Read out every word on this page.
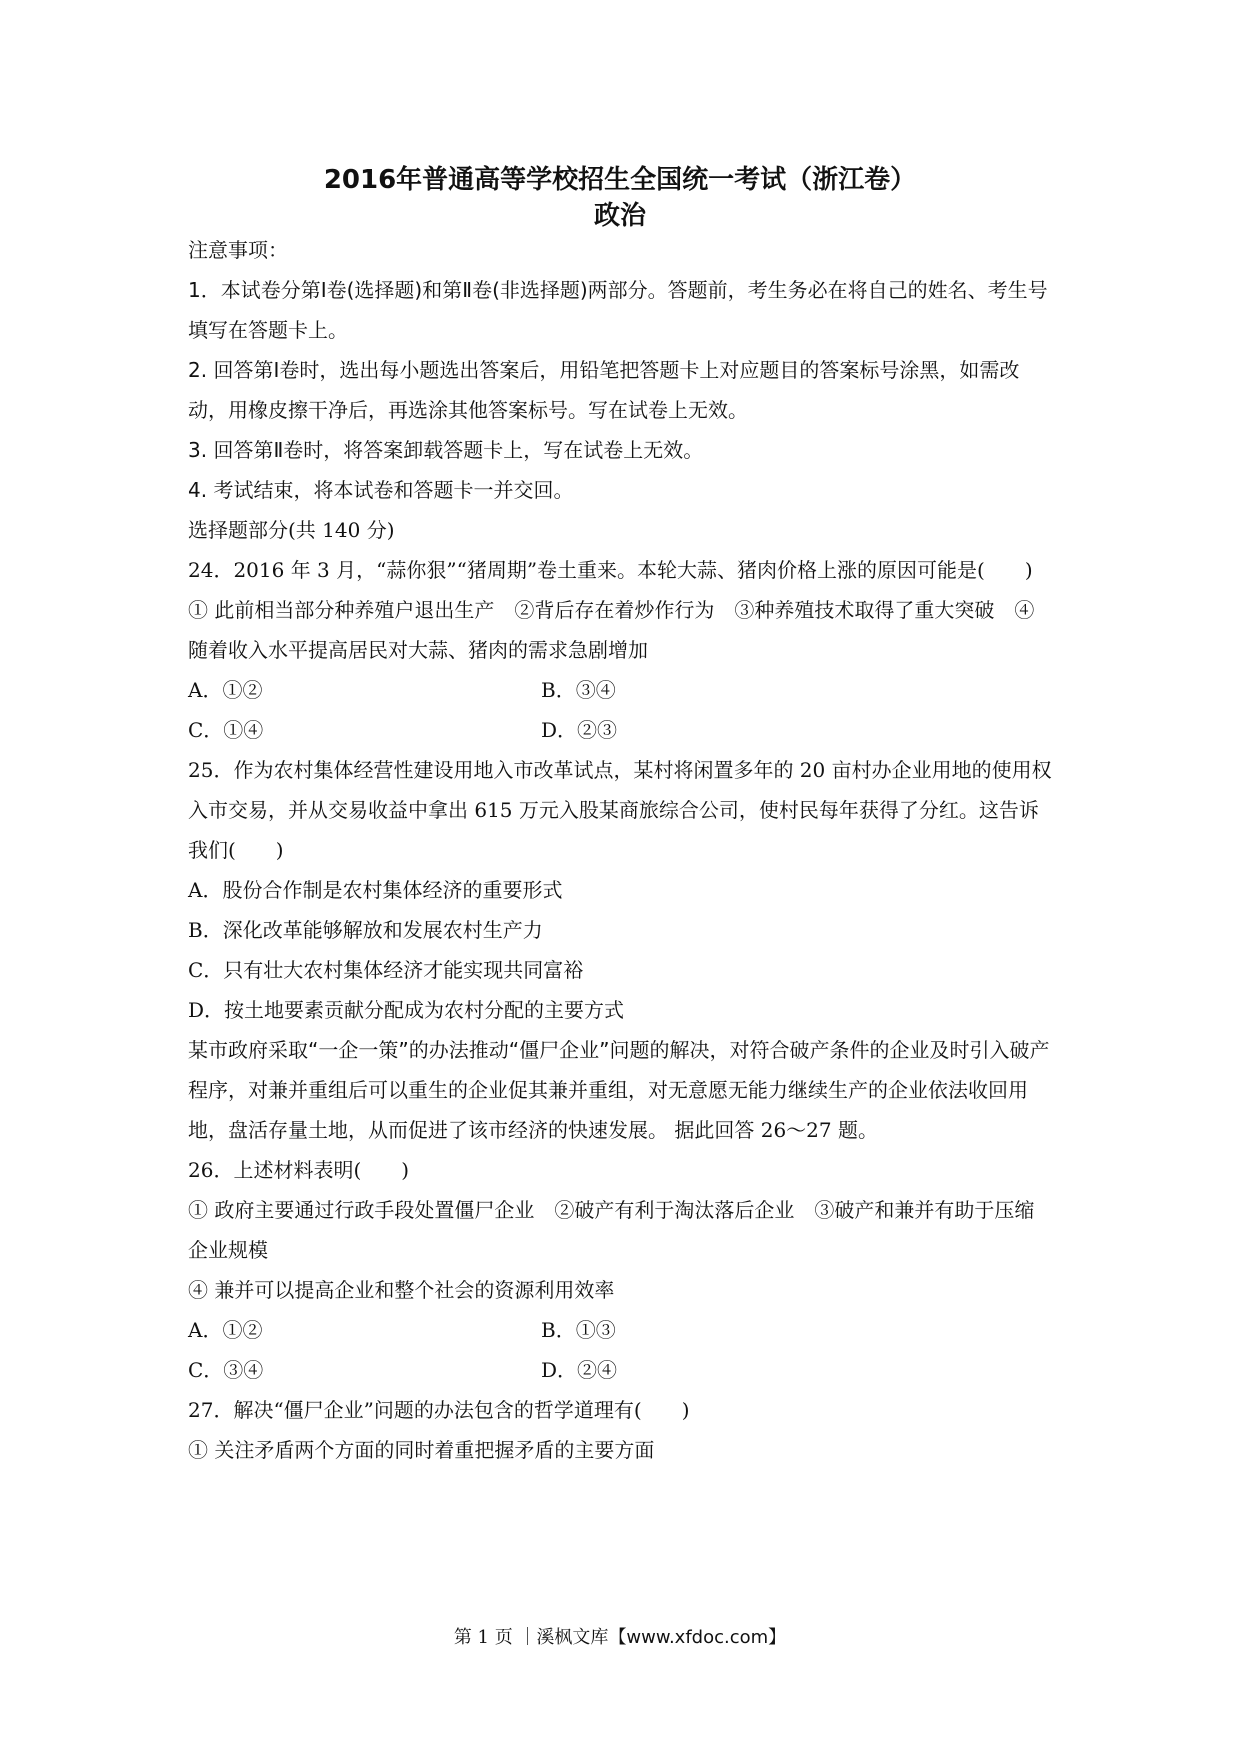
2016年普通高等学校招生全国统一考试（浙江卷）
政治

注意事项：

1．本试卷分第Ⅰ卷(选择题)和第Ⅱ卷(非选择题)两部分。答题前，考生务必在将自己的姓名、考生号填写在答题卡上。

2. 回答第Ⅰ卷时，选出每小题选出答案后，用铅笔把答题卡上对应题目的答案标号涂黑，如需改动，用橡皮擦干净后，再选涂其他答案标号。写在试卷上无效。

3. 回答第Ⅱ卷时，将答案卸载答题卡上，写在试卷上无效。

4. 考试结束，将本试卷和答题卡一并交回。

选择题部分(共 140 分)

24．2016 年 3 月，“蒜你狠”“猪周期”卷土重来。本轮大蒜、猪肉价格上涨的原因可能是(　　)

① 此前相当部分种养殖户退出生产　②背后存在着炒作行为　③种养殖技术取得了重大突破　④随着收入水平提高居民对大蒜、猪肉的需求急剧增加

A．①②	B．③④
C．①④	D．②③

25．作为农村集体经营性建设用地入市改革试点，某村将闲置多年的 20 亩村办企业用地的使用权入市交易，并从交易收益中拿出 615 万元入股某商旅综合公司，使村民每年获得了分红。这告诉我们(　　)

A．股份合作制是农村集体经济的重要形式

B．深化改革能够解放和发展农村生产力

C．只有壮大农村集体经济才能实现共同富裕

D．按土地要素贡献分配成为农村分配的主要方式

某市政府采取“一企一策”的办法推动“僵尸企业”问题的解决，对符合破产条件的企业及时引入破产程序，对兼并重组后可以重生的企业促其兼并重组，对无意愿无能力继续生产的企业依法收回用地，盘活存量土地，从而促进了该市经济的快速发展。 据此回答 26～27 题。

26．上述材料表明(　　)

① 政府主要通过行政手段处置僵尸企业　②破产有利于淘汰落后企业　③破产和兼并有助于压缩企业规模

④ 兼并可以提高企业和整个社会的资源利用效率

A．①②	B．①③
C．③④	D．②④

27．解决“僵尸企业”问题的办法包含的哲学道理有(　　)

① 关注矛盾两个方面的同时着重把握矛盾的主要方面

第 1 页 ｜溪枫文库【www.xfdoc.com】
